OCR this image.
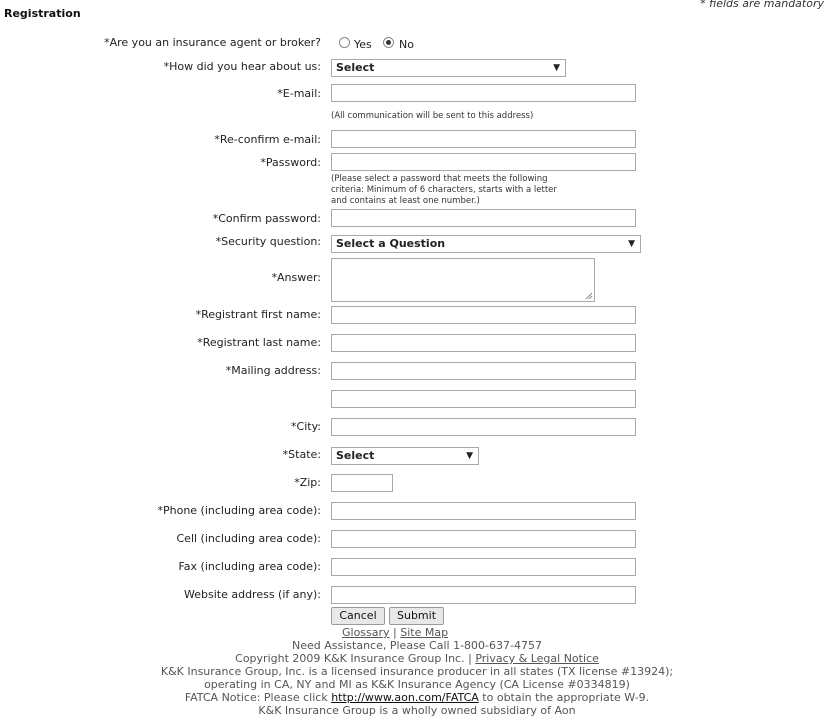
Registration
* fields are mandatory
*Are you an insurance agent or broker?	Yes No
*How did you hear about us:	Select	▼
*E-mail:
(All communication will be sent to this address)
*Re-confirm e-mail:
*Password:
(Please select a password that meets the following
criteria: Minimum of 6 characters, starts with a letter
and contains at least one number.)
*Confirm password:
*Security question:	Select a Question	▼
*Answer:
*Registrant first name:
*Registrant last name:
*Mailing address:
*City:
*State:	Select	▼
*Zip:
*Phone (including area code):
Cell (including area code):
Fax (including area code):
Website address (if any):
Cancel	Submit
Glossary | Site Map
Need Assistance, Please Call 1-800-637-4757
Copyright 2009 K&K Insurance Group Inc. | Privacy & Legal Notice
K&K Insurance Group, Inc. is a licensed insurance producer in all states (TX license #13924);
operating in CA, NY and MI as K&K Insurance Agency (CA License #0334819)
FATCA Notice: Please click http://www.aon.com/FATCA to obtain the appropriate W-9.
K&K Insurance Group is a wholly owned subsidiary of Aon
